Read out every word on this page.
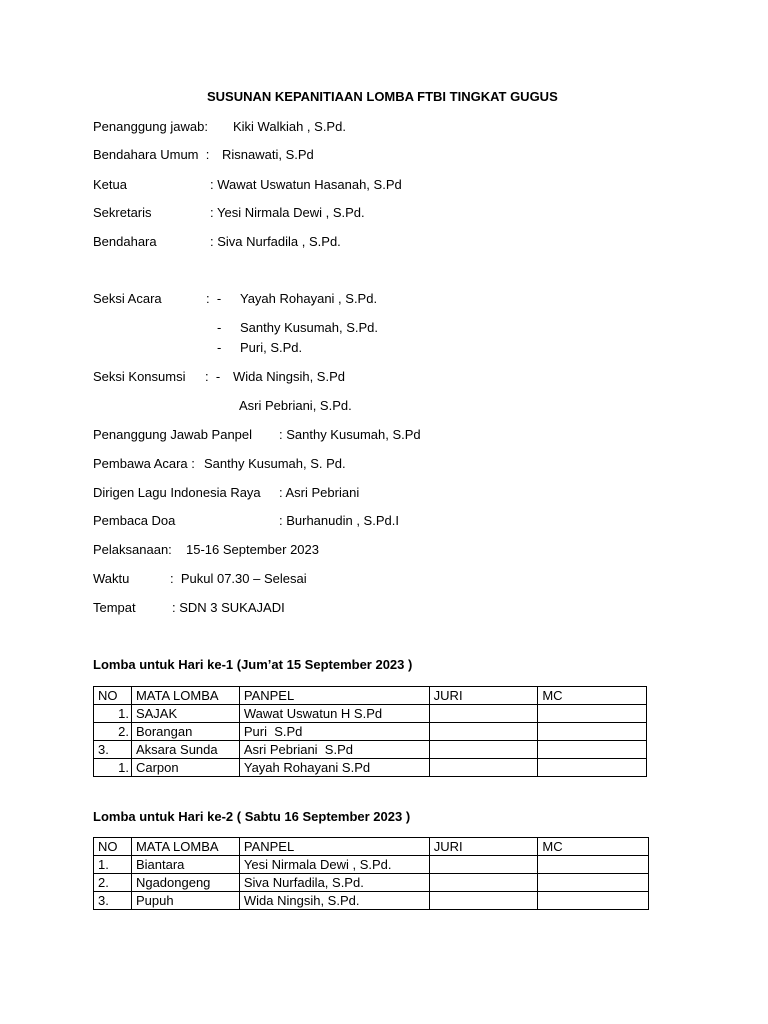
SUSUNAN KEPANITIAAN LOMBA FTBI TINGKAT GUGUS
Penanggung jawab: Kiki Walkiah , S.Pd.
Bendahara Umum  : Risnawati, S.Pd
Ketua	: Wawat Uswatun Hasanah, S.Pd
Sekretaris	: Yesi Nirmala Dewi , S.Pd.
Bendahara	: Siva Nurfadila , S.Pd.
Seksi Acara	:  - Yayah Rohayani , S.Pd.
- Santhy Kusumah, S.Pd.
- Puri, S.Pd.
Seksi Konsumsi :  - Wida Ningsih, S.Pd
Asri Pebriani, S.Pd.
Penanggung Jawab Panpel : Santhy Kusumah, S.Pd
Pembawa Acara : Santhy Kusumah, S. Pd.
Dirigen Lagu Indonesia Raya : Asri Pebriani
Pembaca Doa	: Burhanudin , S.Pd.I
Pelaksanaan: 15-16 September 2023
Waktu	:  Pukul 07.30 – Selesai
Tempat	: SDN 3 SUKAJADI
Lomba untuk Hari ke-1 (Jum’at 15 September 2023 )
NO	MATA LOMBA	PANPEL	JURI	MC
1.	SAJAK	Wawat Uswatun H S.Pd		
2.	Borangan	Puri  S.Pd		
3.	Aksara Sunda	Asri Pebriani  S.Pd		
1.	Carpon	Yayah Rohayani S.Pd		
Lomba untuk Hari ke-2 ( Sabtu 16 September 2023 )
NO	MATA LOMBA	PANPEL	JURI	MC
1.	Biantara	Yesi Nirmala Dewi , S.Pd.		
2.	Ngadongeng	Siva Nurfadila, S.Pd.		
3.	Pupuh	Wida Ningsih, S.Pd.		
